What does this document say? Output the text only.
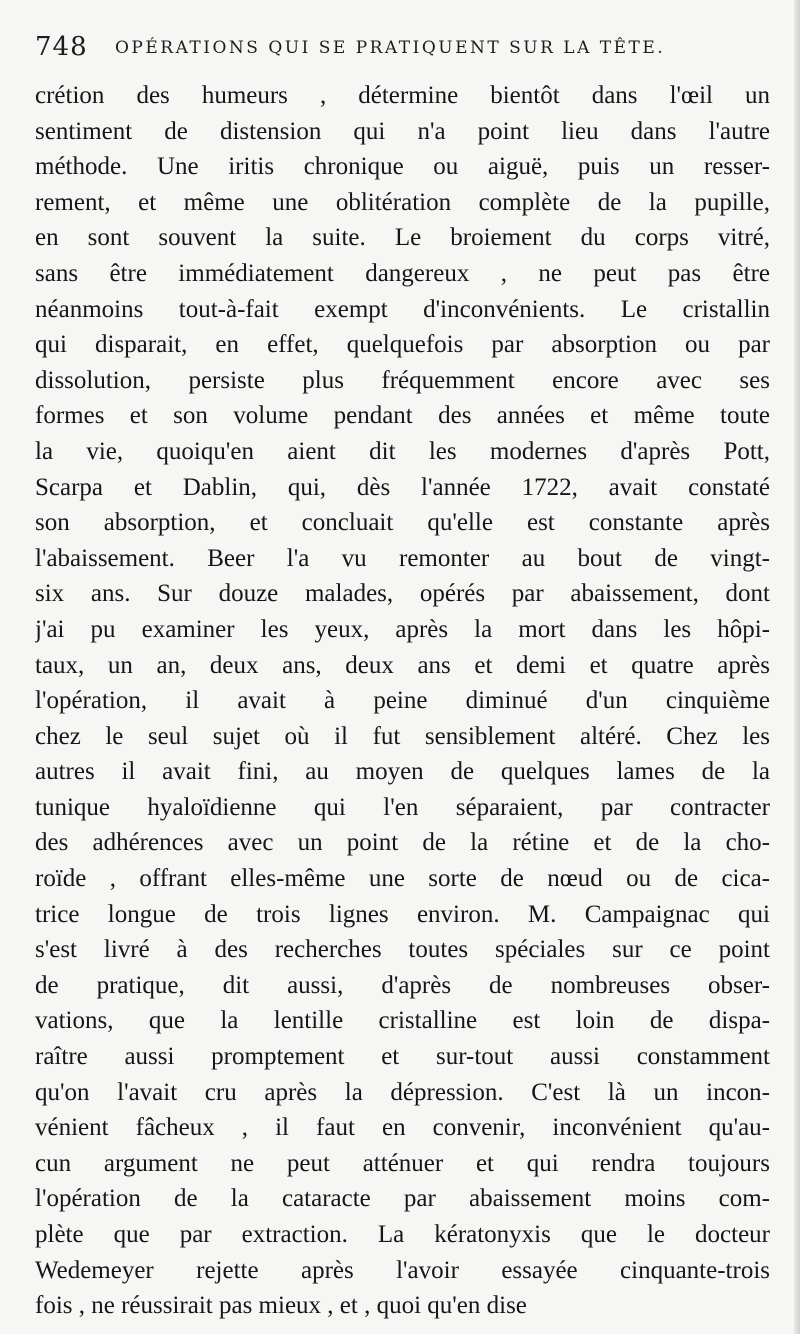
748 OPÉRATIONS QUI SE PRATIQUENT SUR LA TÊTE.
crétion des humeurs , détermine bientôt dans l'œil un
sentiment de distension qui n'a point lieu dans l'autre
méthode. Une iritis chronique ou aiguë, puis un resser-
rement, et même une oblitération complète de la pupille,
en sont souvent la suite. Le broiement du corps vitré,
sans être immédiatement dangereux , ne peut pas être
néanmoins tout-à-fait exempt d'inconvénients. Le cristallin
qui disparait, en effet, quelquefois par absorption ou par
dissolution, persiste plus fréquemment encore avec ses
formes et son volume pendant des années et même toute
la vie, quoiqu'en aient dit les modernes d'après Pott,
Scarpa et Dablin, qui, dès l'année 1722, avait constaté
son absorption, et concluait qu'elle est constante après
l'abaissement. Beer l'a vu remonter au bout de vingt-
six ans. Sur douze malades, opérés par abaissement, dont
j'ai pu examiner les yeux, après la mort dans les hôpi-
taux, un an, deux ans, deux ans et demi et quatre après
l'opération, il avait à peine diminué d'un cinquième
chez le seul sujet où il fut sensiblement altéré. Chez les
autres il avait fini, au moyen de quelques lames de la
tunique hyaloïdienne qui l'en séparaient, par contracter
des adhérences avec un point de la rétine et de la cho-
roïde , offrant elles-même une sorte de nœud ou de cica-
trice longue de trois lignes environ. M. Campaignac qui
s'est livré à des recherches toutes spéciales sur ce point
de pratique, dit aussi, d'après de nombreuses obser-
vations, que la lentille cristalline est loin de dispa-
raître aussi promptement et sur-tout aussi constamment
qu'on l'avait cru après la dépression. C'est là un incon-
vénient fâcheux , il faut en convenir, inconvénient qu'au-
cun argument ne peut atténuer et qui rendra toujours
l'opération de la cataracte par abaissement moins com-
plète que par extraction. La kératonyxis que le docteur
Wedemeyer rejette après l'avoir essayée cinquante-trois
fois , ne réussirait pas mieux , et , quoi qu'en dise
